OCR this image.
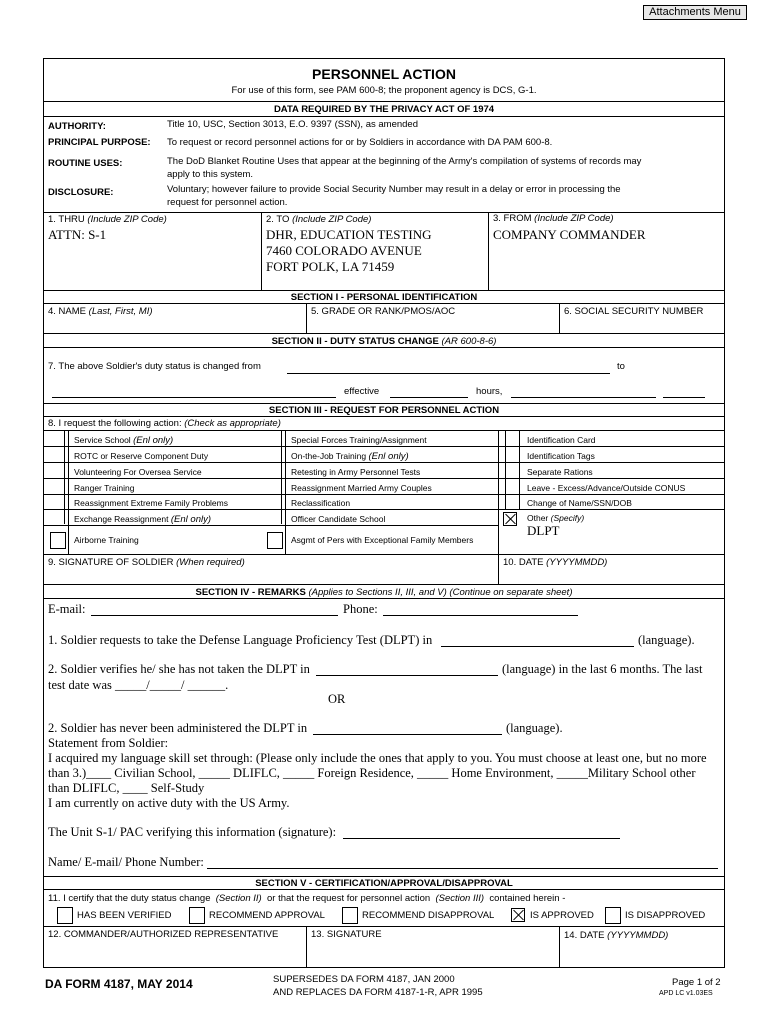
Attachments Menu
PERSONNEL ACTION
For use of this form, see PAM 600-8; the proponent agency is DCS, G-1.
DATA REQUIRED BY THE PRIVACY ACT OF 1974
AUTHORITY:	Title 10, USC, Section 3013, E.O. 9397 (SSN), as amended
PRINCIPAL PURPOSE: To request or record personnel actions for or by Soldiers in accordance with DA PAM 600-8.
ROUTINE USES:	The DoD Blanket Routine Uses that appear at the beginning of the Army's compilation of systems of records may
apply to this system.
DISCLOSURE:	Voluntary; however failure to provide Social Security Number may result in a delay or error in processing the
request for personnel action.
1. THRU (Include ZIP Code)
ATTN: S-1
2. TO (Include ZIP Code)
DHR, EDUCATION TESTING
7460 COLORADO AVENUE
FORT POLK, LA 71459
3. FROM (Include ZIP Code)
COMPANY COMMANDER
SECTION I - PERSONAL IDENTIFICATION
4. NAME (Last, First, MI)	5. GRADE OR RANK/PMOS/AOC	6. SOCIAL SECURITY NUMBER
SECTION II - DUTY STATUS CHANGE (AR 600-8-6)
7. The above Soldier's duty status is changed from	to
effective	hours,
SECTION III - REQUEST FOR PERSONNEL ACTION
8. I request the following action: (Check as appropriate)
Service School (Enl only)
ROTC or Reserve Component Duty
Volunteering For Oversea Service
Ranger Training
Reassignment Extreme Family Problems
Exchange Reassignment (Enl only)
Airborne Training
Special Forces Training/Assignment
On-the-Job Training (Enl only)
Retesting in Army Personnel Tests
Reassignment Married Army Couples
Reclassification
Officer Candidate School
Asgmt of Pers with Exceptional Family Members
Identification Card
Identification Tags
Separate Rations
Leave - Excess/Advance/Outside CONUS
Change of Name/SSN/DOB
Other (Specify)
DLPT
9. SIGNATURE OF SOLDIER (When required)	10. DATE (YYYYMMDD)
SECTION IV - REMARKS (Applies to Sections II, III, and V) (Continue on separate sheet)
E-mail:	Phone:
1. Soldier requests to take the Defense Language Proficiency Test (DLPT) in	(language).
2. Soldier verifies he/ she has not taken the DLPT in	(language) in the last 6 months. The last
test date was _____/_____/ ______.
OR
2. Soldier has never been administered the DLPT in	(language).
Statement from Soldier:
I acquired my language skill set through: (Please only include the ones that apply to you. You must choose at least one, but no more
than 3.)____ Civilian School, _____ DLIFLC, _____ Foreign Residence, _____ Home Environment, _____Military School other
than DLIFLC, ____ Self-Study
I am currently on active duty with the US Army.
The Unit S-1/ PAC verifying this information (signature):
Name/ E-mail/ Phone Number:
SECTION V - CERTIFICATION/APPROVAL/DISAPPROVAL
11. I certify that the duty status change (Section II) or that the request for personnel action (Section III) contained herein -
HAS BEEN VERIFIED	RECOMMEND APPROVAL	RECOMMEND DISAPPROVAL	IS APPROVED	IS DISAPPROVED
12. COMMANDER/AUTHORIZED REPRESENTATIVE	13. SIGNATURE	14. DATE (YYYYMMDD)
DA FORM 4187, MAY 2014	SUPERSEDES DA FORM 4187, JAN 2000
AND REPLACES DA FORM 4187-1-R, APR 1995
Page 1 of 2
APD LC v1.03ES
